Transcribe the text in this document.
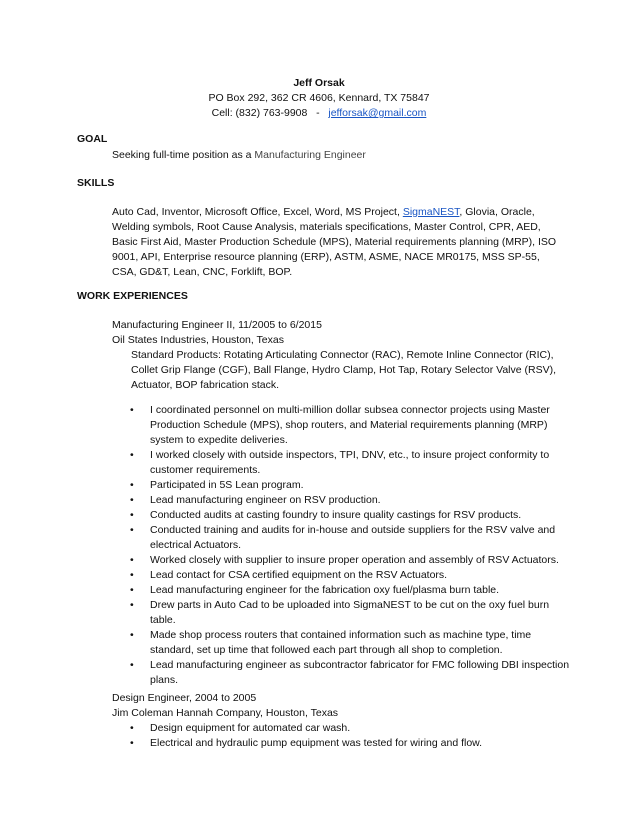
Jeff Orsak
PO Box 292, 362 CR 4606, Kennard, TX 75847
Cell: (832) 763-9908   -   jefforsak@gmail.com
GOAL
Seeking full-time position as a Manufacturing Engineer
SKILLS
Auto Cad, Inventor, Microsoft Office, Excel, Word, MS Project, SigmaNEST, Glovia, Oracle, Welding symbols, Root Cause Analysis, materials specifications, Master Control, CPR, AED, Basic First Aid, Master Production Schedule (MPS), Material requirements planning (MRP), ISO 9001, API, Enterprise resource planning (ERP), ASTM, ASME, NACE MR0175, MSS SP-55, CSA, GD&T, Lean, CNC, Forklift, BOP.
WORK EXPERIENCES
Manufacturing Engineer II, 11/2005 to 6/2015
Oil States Industries, Houston, Texas
Standard Products: Rotating Articulating Connector (RAC), Remote Inline Connector (RIC), Collet Grip Flange (CGF), Ball Flange, Hydro Clamp, Hot Tap, Rotary Selector Valve (RSV), Actuator, BOP fabrication stack.
• I coordinated personnel on multi-million dollar subsea connector projects using Master Production Schedule (MPS), shop routers, and Material requirements planning (MRP) system to expedite deliveries.
• I worked closely with outside inspectors, TPI, DNV, etc., to insure project conformity to customer requirements.
• Participated in 5S Lean program.
• Lead manufacturing engineer on RSV production.
• Conducted audits at casting foundry to insure quality castings for RSV products.
• Conducted training and audits for in-house and outside suppliers for the RSV valve and electrical Actuators.
• Worked closely with supplier to insure proper operation and assembly of RSV Actuators.
• Lead contact for CSA certified equipment on the RSV Actuators.
• Lead manufacturing engineer for the fabrication oxy fuel/plasma burn table.
• Drew parts in Auto Cad to be uploaded into SigmaNEST to be cut on the oxy fuel burn table.
• Made shop process routers that contained information such as machine type, time standard, set up time that followed each part through all shop to completion.
• Lead manufacturing engineer as subcontractor fabricator for FMC following DBI inspection plans.
Design Engineer, 2004 to 2005
Jim Coleman Hannah Company, Houston, Texas
• Design equipment for automated car wash.
• Electrical and hydraulic pump equipment was tested for wiring and flow.
